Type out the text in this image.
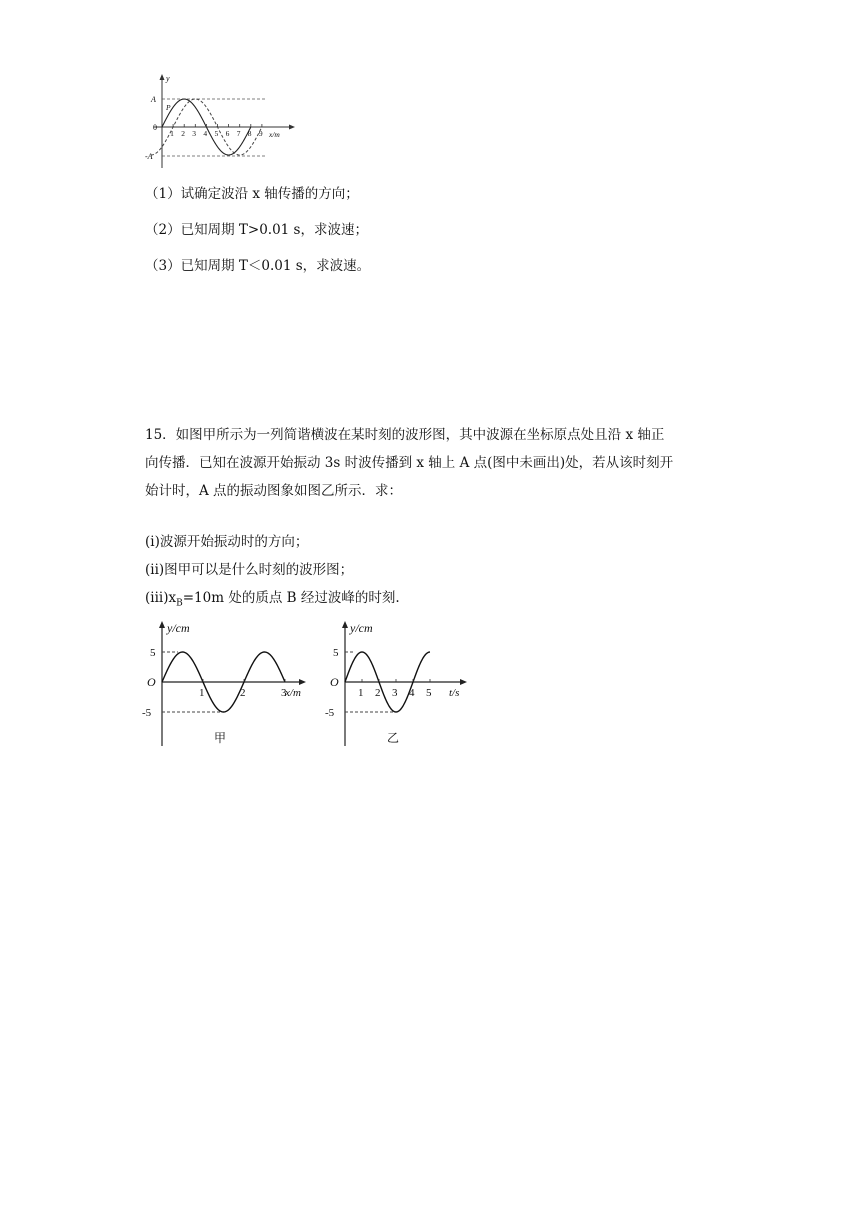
y
A
-A
0
P
x/m
1 2 3 4 5 6 7 8 9
（1）试确定波沿 x 轴传播的方向；
（2）已知周期 T>0.01 s，求波速；
（3）已知周期 T＜0.01 s，求波速。

15．如图甲所示为一列简谐横波在某时刻的波形图，其中波源在坐标原点处且沿 x 轴正

向传播．已知在波源开始振动 3s 时波传播到 x 轴上 A 点(图中未画出)处，若从该时刻开

始计时，A 点的振动图象如图乙所示．求：

(i)波源开始振动时的方向；
(ii)图甲可以是什么时刻的波形图；
$(iii)x_B=10m$ 处的质点 B 经过波峰的时刻.
y/cm
5
-5
O
x/m
1	2	3
甲
y/cm
5
-5
O
t/s
1 2 3 4 5
乙
